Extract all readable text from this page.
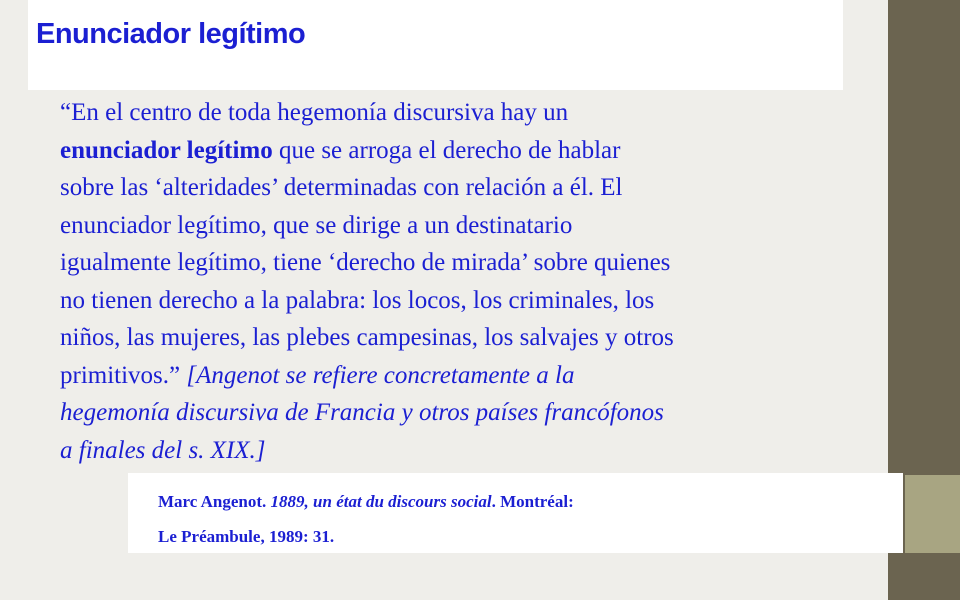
Enunciador legítimo
“En el centro de toda hegemonía discursiva hay un
enunciador legítimo que se arroga el derecho de hablar
sobre las ‘alteridades’ determinadas con relación a él. El
enunciador legítimo, que se dirige a un destinatario
igualmente legítimo, tiene ‘derecho de mirada’ sobre quienes
no tienen derecho a la palabra: los locos, los criminales, los
niños, las mujeres, las plebes campesinas, los salvajes y otros
primitivos.” [Angenot se refiere concretamente a la
hegemonía discursiva de Francia y otros países francófonos
a finales del s. XIX.]
Marc Angenot. 1889, un état du discours social. Montréal:
Le Préambule, 1989: 31.
